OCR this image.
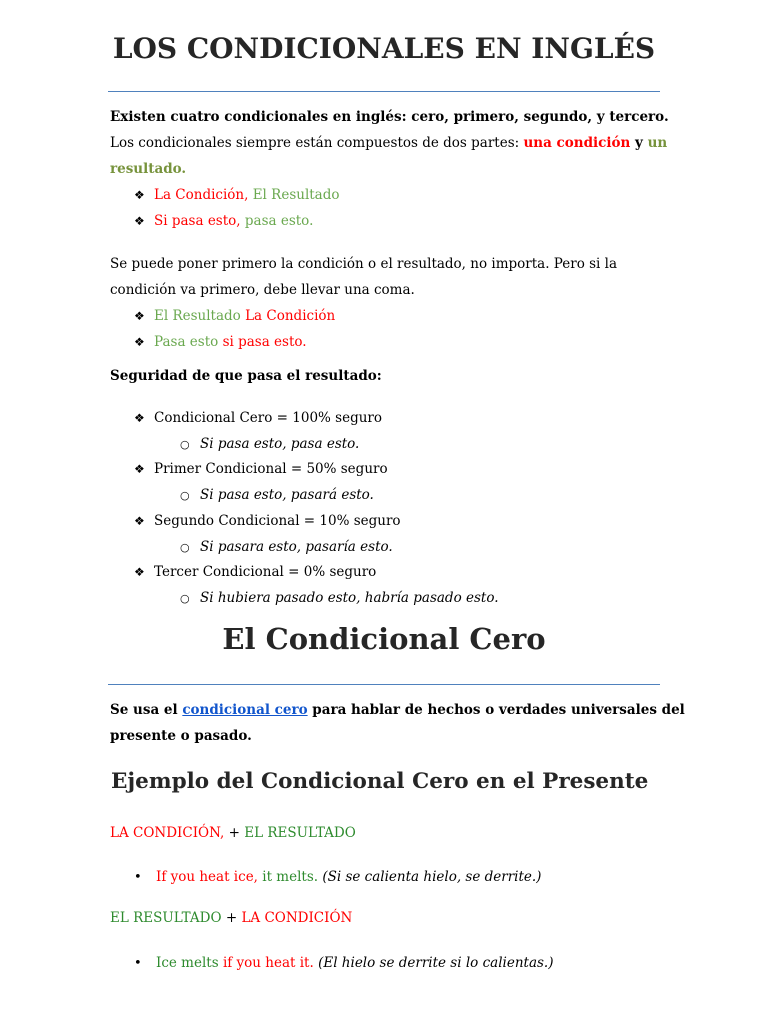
LOS CONDICIONALES EN INGLÉS
Existen cuatro condicionales en inglés: cero, primero, segundo, y tercero.
Los condicionales siempre están compuestos de dos partes: una condición y un
resultado.
❖ La Condición, El Resultado
❖ Si pasa esto, pasa esto.
Se puede poner primero la condición o el resultado, no importa. Pero si la
condición va primero, debe llevar una coma.
❖ El Resultado La Condición
❖ Pasa esto si pasa esto.
Seguridad de que pasa el resultado:
❖ Condicional Cero = 100% seguro
○ Si pasa esto, pasa esto.
❖ Primer Condicional = 50% seguro
○ Si pasa esto, pasará esto.
❖ Segundo Condicional = 10% seguro
○ Si pasara esto, pasaría esto.
❖ Tercer Condicional = 0% seguro
○ Si hubiera pasado esto, habría pasado esto.
El Condicional Cero
Se usa el condicional cero para hablar de hechos o verdades universales del
presente o pasado.
Ejemplo del Condicional Cero en el Presente
LA CONDICIÓN, + EL RESULTADO
• If you heat ice, it melts. (Si se calienta hielo, se derrite.)
EL RESULTADO + LA CONDICIÓN
• Ice melts if you heat it. (El hielo se derrite si lo calientas.)
